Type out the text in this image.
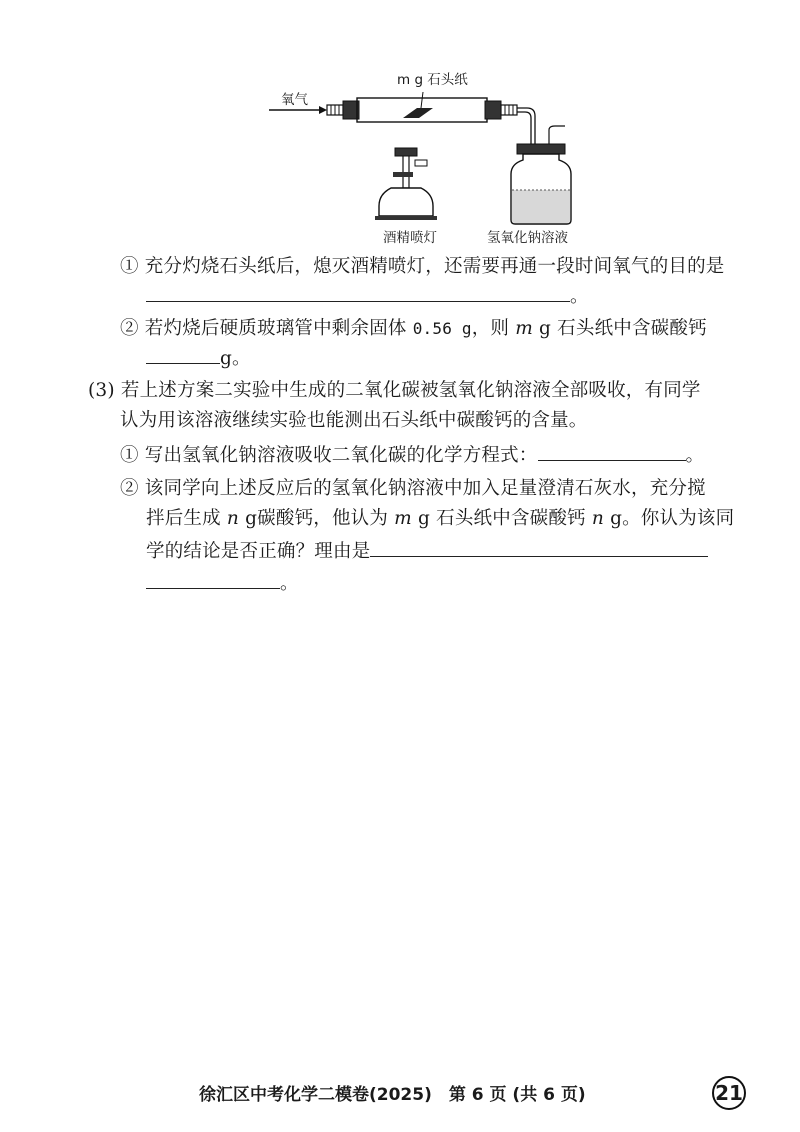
氧气
m g 石头纸
酒精喷灯	氢氧化钠溶液
① 充分灼烧石头纸后，熄灭酒精喷灯，还需要再通一段时间氧气的目的是
。
② 若灼烧后硬质玻璃管中剩余固体 0.56 g，则 m g 石头纸中含碳酸钙
g。
(3) 若上述方案二实验中生成的二氧化碳被氢氧化钠溶液全部吸收，有同学
认为用该溶液继续实验也能测出石头纸中碳酸钙的含量。
① 写出氢氧化钠溶液吸收二氧化碳的化学方程式：	。
② 该同学向上述反应后的氢氧化钠溶液中加入足量澄清石灰水，充分搅
拌后生成 n g碳酸钙，他认为 m g 石头纸中含碳酸钙 n g。你认为该同
学的结论是否正确？理由是
。
徐汇区中考化学二模卷(2025)　第 6 页 (共 6 页)	21
